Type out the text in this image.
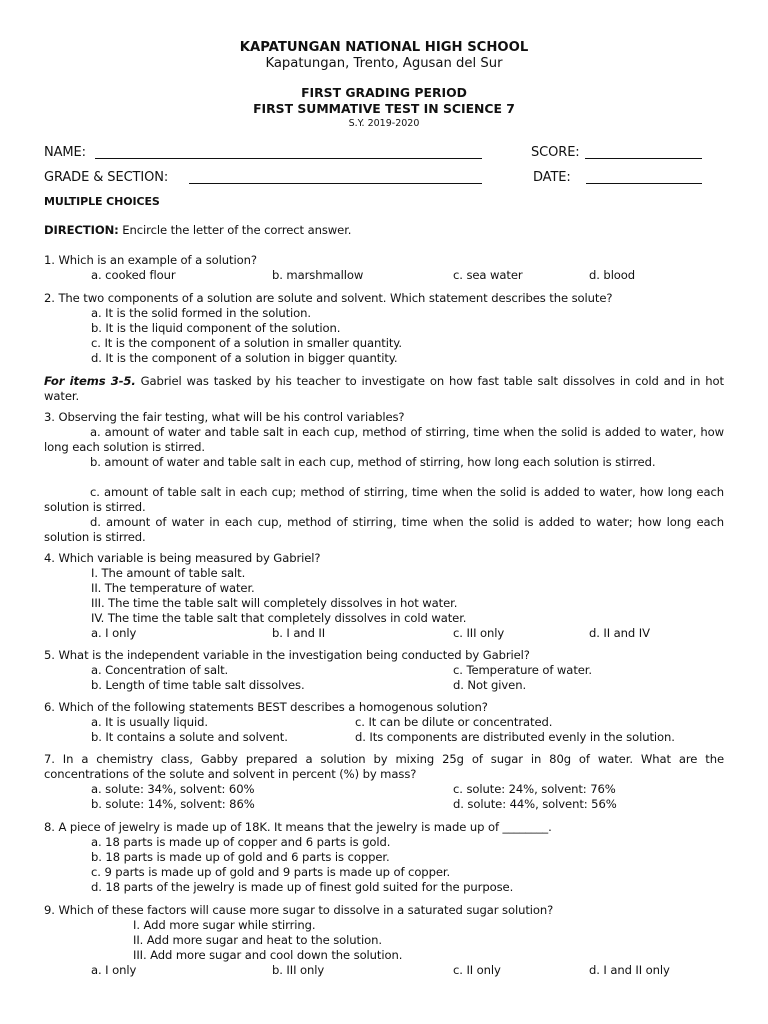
KAPATUNGAN NATIONAL HIGH SCHOOL
Kapatungan, Trento, Agusan del Sur
FIRST GRADING PERIOD
FIRST SUMMATIVE TEST IN SCIENCE 7
S.Y. 2019-2020
NAME:	SCORE:
GRADE & SECTION:	DATE:
MULTIPLE CHOICES
DIRECTION: Encircle the letter of the correct answer.
1. Which is an example of a solution?
a. cooked flour	b. marshmallow	c. sea water	d. blood
2. The two components of a solution are solute and solvent. Which statement describes the solute?
a. It is the solid formed in the solution.
b. It is the liquid component of the solution.
c. It is the component of a solution in smaller quantity.
d. It is the component of a solution in bigger quantity.
For items 3-5. Gabriel was tasked by his teacher to investigate on how fast table salt dissolves in cold and in hot water.
3. Observing the fair testing, what will be his control variables?
a. amount of water and table salt in each cup, method of stirring, time when the solid is added to water, how long each solution is stirred.
b. amount of water and table salt in each cup, method of stirring, how long each solution is stirred.
c. amount of table salt in each cup; method of stirring, time when the solid is added to water, how long each solution is stirred.
d. amount of water in each cup, method of stirring, time when the solid is added to water; how long each solution is stirred.
4. Which variable is being measured by Gabriel?
I. The amount of table salt.
II. The temperature of water.
III. The time the table salt will completely dissolves in hot water.
IV. The time the table salt that completely dissolves in cold water.
a. I only	b. I and II	c. III only	d. II and IV
5. What is the independent variable in the investigation being conducted by Gabriel?
a. Concentration of salt.	c. Temperature of water.
b. Length of time table salt dissolves.	d. Not given.
6. Which of the following statements BEST describes a homogenous solution?
a. It is usually liquid.	c. It can be dilute or concentrated.
b. It contains a solute and solvent.	d. Its components are distributed evenly in the solution.
7. In a chemistry class, Gabby prepared a solution by mixing 25g of sugar in 80g of water. What are the concentrations of the solute and solvent in percent (%) by mass?
a. solute: 34%, solvent: 60%	c. solute: 24%, solvent: 76%
b. solute: 14%, solvent: 86%	d. solute: 44%, solvent: 56%
8. A piece of jewelry is made up of 18K. It means that the jewelry is made up of ________.
a. 18 parts is made up of copper and 6 parts is gold.
b. 18 parts is made up of gold and 6 parts is copper.
c. 9 parts is made up of gold and 9 parts is made up of copper.
d. 18 parts of the jewelry is made up of finest gold suited for the purpose.
9. Which of these factors will cause more sugar to dissolve in a saturated sugar solution?
I. Add more sugar while stirring.
II. Add more sugar and heat to the solution.
III. Add more sugar and cool down the solution.
a. I only	b. III only	c. II only	d. I and II only
